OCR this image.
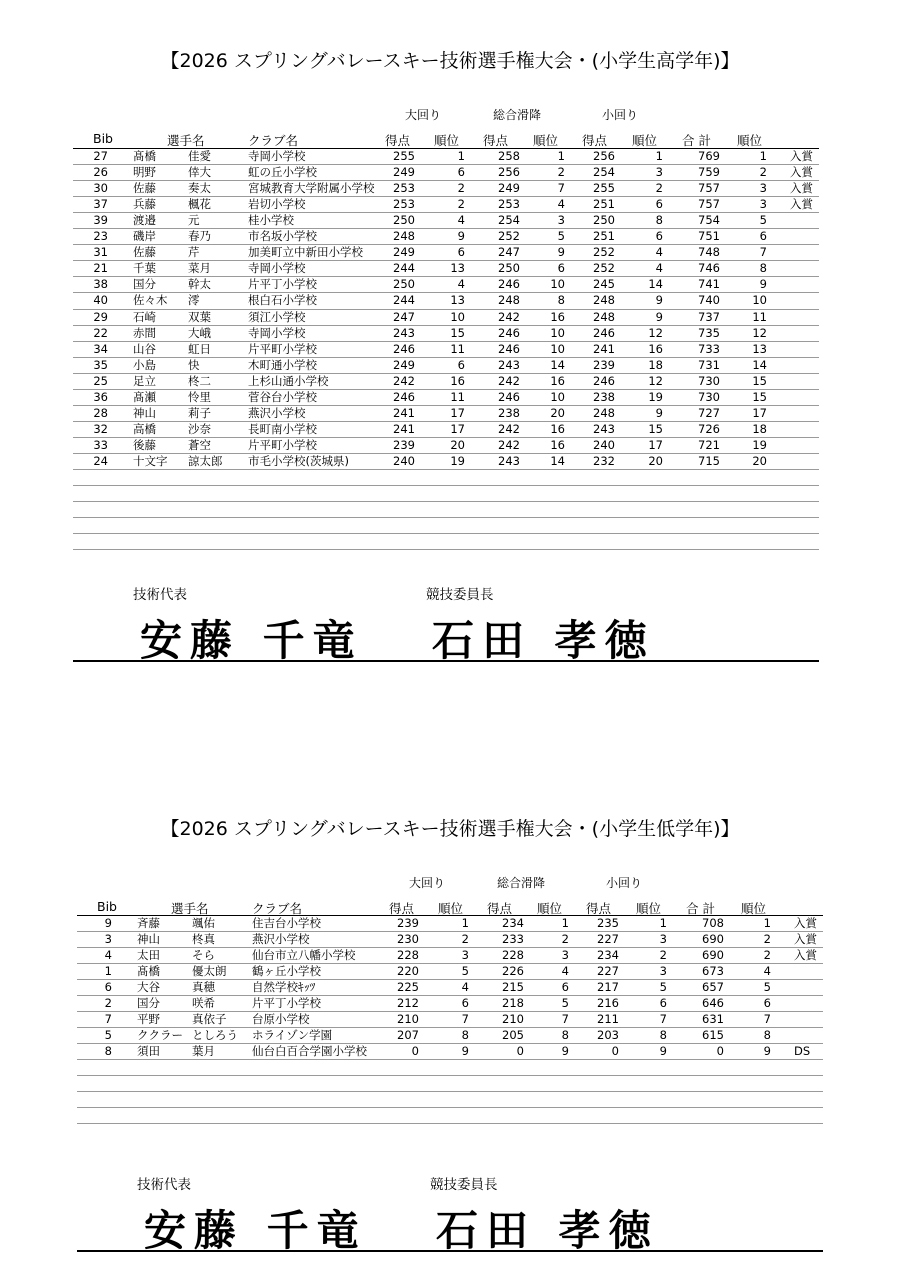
【2026 スプリングバレースキー技術選手権大会・(小学生高学年)】
大回り	総合滑降	小回り
Bib	選手名	クラブ名	得点 順位 得点 順位 得点 順位 合 計 順位
27 髙橋	佳愛	寺岡小学校	255	1	258	1	256	1	769	1 入賞
26 明野	倖大	虹の丘小学校	249	6	256	2	254	3	759	2 入賞
30 佐藤	奏太	宮城教育大学附属小学校	253	2	249	7	255	2	757	3 入賞
37 兵藤	楓花	岩切小学校	253	2	253	4	251	6	757	3 入賞
39 渡邉	元	桂小学校	250	4	254	3	250	8	754	5
23 磯岸	春乃	市名坂小学校	248	9	252	5	251	6	751	6
31 佐藤	芹	加美町立中新田小学校	249	6	247	9	252	4	748	7
21 千葉	菜月	寺岡小学校	244	13	250	6	252	4	746	8
38 国分	幹太	片平丁小学校	250	4	246	10	245	14	741	9
40 佐々木	澪	根白石小学校	244	13	248	8	248	9	740	10
29 石崎	双葉	須江小学校	247	10	242	16	248	9	737	11
22 赤間	大峨	寺岡小学校	243	15	246	10	246	12	735	12
34 山谷	虹日	片平町小学校	246	11	246	10	241	16	733	13
35 小島	快	木町通小学校	249	6	243	14	239	18	731	14
25 足立	柊二	上杉山通小学校	242	16	242	16	246	12	730	15
36 髙瀬	怜里	菅谷台小学校	246	11	246	10	238	19	730	15
28 神山	莉子	燕沢小学校	241	17	238	20	248	9	727	17
32 高橋	沙奈	長町南小学校	241	17	242	16	243	15	726	18
33 後藤	蒼空	片平町小学校	239	20	242	16	240	17	721	19
24 十文字	諒太郎	市毛小学校(茨城県)	240	19	243	14	232	20	715	20
技術代表	競技委員長
安藤 千竜 石田 孝徳
【2026 スプリングバレースキー技術選手権大会・(小学生低学年)】
大回り	総合滑降	小回り
Bib	選手名	クラブ名	得点 順位 得点 順位 得点 順位 合 計 順位
9 斉藤	颯佑	住吉台小学校	239	1	234	1	235	1	708	1 入賞
3 神山	柊真	燕沢小学校	230	2	233	2	227	3	690	2 入賞
4 太田	そら	仙台市立八幡小学校	228	3	228	3	234	2	690	2 入賞
1 髙橋	優太朗	鶴ヶ丘小学校	220	5	226	4	227	3	673	4
6 大谷	真穂	自然学校ｷｯﾂ	225	4	215	6	217	5	657	5
2 国分	咲希	片平丁小学校	212	6	218	5	216	6	646	6
7 平野	真依子	台原小学校	210	7	210	7	211	7	631	7
5 ククラー としろう	ホライゾン学園	207	8	205	8	203	8	615	8
8 須田	葉月	仙台白百合学園小学校	0	9	0	9	0	9	0	9 DS
技術代表	競技委員長
安藤 千竜 石田 孝徳
